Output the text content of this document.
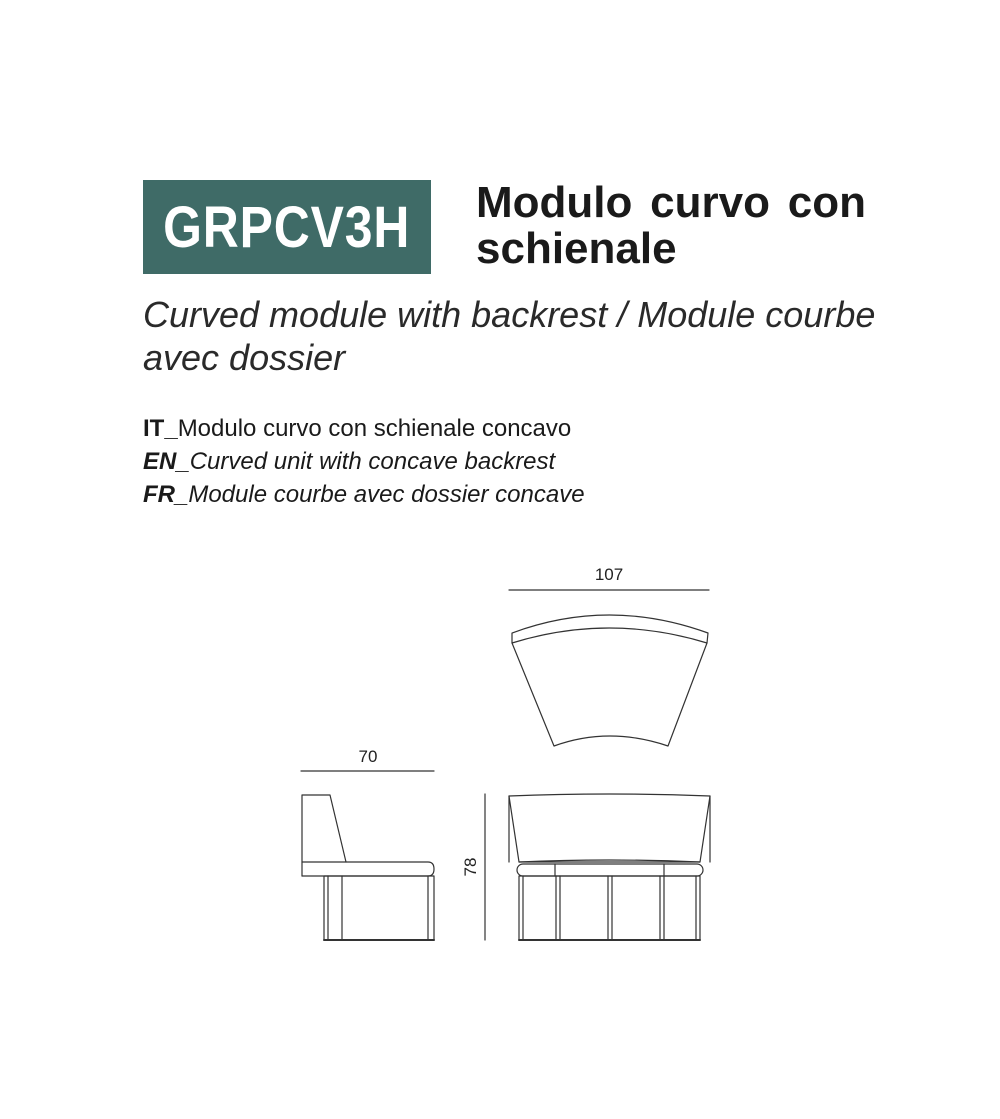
GRPCV3H Modulo curvo con
schienale
Curved module with backrest / Module courbe avec dossier
IT_Modulo curvo con schienale concavo
EN_Curved unit with concave backrest
FR_Module courbe avec dossier concave
107
70
78
